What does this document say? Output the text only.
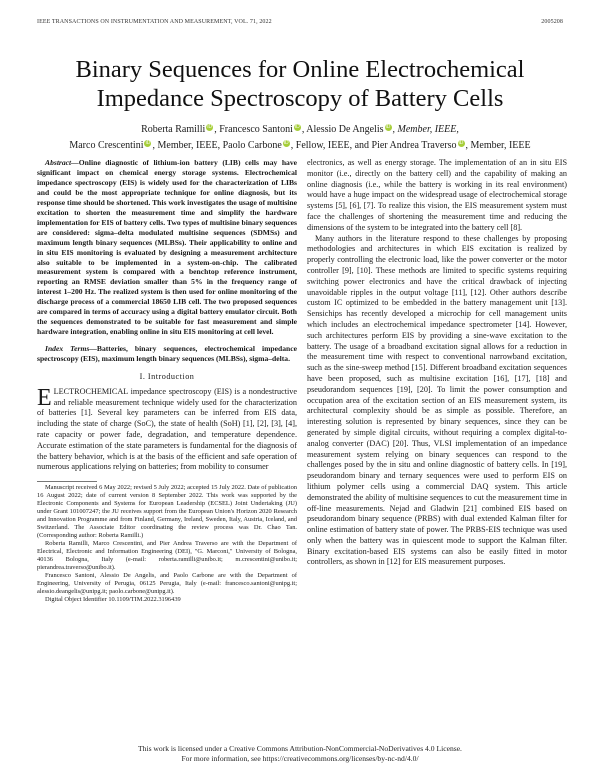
IEEE TRANSACTIONS ON INSTRUMENTATION AND MEASUREMENT, VOL. 71, 2022	2005208
Binary Sequences for Online Electrochemical Impedance Spectroscopy of Battery Cells
Roberta Ramilli iD , Francesco Santoni iD , Alessio De Angelis iD , Member, IEEE,
Marco Crescentini iD , Member, IEEE, Paolo Carbone iD , Fellow, IEEE, and Pier Andrea Traverso iD , Member, IEEE

Abstract—Online diagnostic of lithium-ion battery (LIB) cells may have significant impact on chemical energy storage systems. Electrochemical impedance spectroscopy (EIS) is widely used for the characterization of LIBs and could be the most appropriate technique for online diagnosis, but its response time should be shortened. This work investigates the usage of multisine excitation to shorten the measurement time and simplify the hardware implementation for EIS of battery cells. Two types of multisine binary sequences are considered: sigma–delta modulated multisine sequences (SDMSs) and maximum length binary sequences (MLBSs). Their applicability to online and in situ EIS monitoring is evaluated by designing a measurement architecture also suitable to be implemented in a system-on-chip. The calibrated measurement system is compared with a benchtop reference instrument, reporting an RMSE deviation smaller than 5% in the frequency range of interest 1–200 Hz. The realized system is then used for online monitoring of the discharge process of a commercial 18650 LIB cell. The two proposed sequences are compared in terms of accuracy using a digital battery emulator circuit. Both the sequences demonstrated to be suitable for fast measurement and simple hardware integration, enabling online in situ EIS monitoring at cell level.

Index Terms—Batteries, binary sequences, electrochemical impedance spectroscopy (EIS), maximum length binary sequences (MLBSs), sigma–delta.

I. Introduction

ELECTROCHEMICAL impedance spectroscopy (EIS) is a nondestructive and reliable measurement technique widely used for the characterization of batteries [1]. Several key parameters can be inferred from EIS data, including the state of charge (SoC), the state of health (SoH) [1], [2], [3], [4], rate capacity or power fade, degradation, and temperature dependence. Accurate estimation of the state parameters is fundamental for the diagnosis of the battery behavior, which is at the basis of the efficient and safe operation of numerous applications relying on batteries; from mobility to consumer

Manuscript received 6 May 2022; revised 5 July 2022; accepted 15 July 2022. Date of publication 16 August 2022; date of current version 8 September 2022. This work was supported by the Electronic Components and Systems for European Leadership (ECSEL) Joint Undertaking (JU) under Grant 101007247; the JU receives support from the European Union's Horizon 2020 Research and Innovation Programme and from Finland, Germany, Ireland, Sweden, Italy, Austria, Iceland, and Switzerland. The Associate Editor coordinating the review process was Dr. Chao Tan. (Corresponding author: Roberta Ramilli.)

Roberta Ramilli, Marco Crescentini, and Pier Andrea Traverso are with the Department of Electrical, Electronic and Information Engineering (DEI), "G. Marconi," University of Bologna, 40136 Bologna, Italy (e-mail: roberta.ramilli@unibo.it; m.crescentini@unibo.it; pierandrea.traverso@unibo.it).

Francesco Santoni, Alessio De Angelis, and Paolo Carbone are with the Department of Engineering, University of Perugia, 06125 Perugia, Italy (e-mail: francesco.santoni@unipg.it; alessio.deangelis@unipg.it; paolo.carbone@unipg.it).

Digital Object Identifier 10.1109/TIM.2022.3196439

electronics, as well as energy storage. The implementation of an in situ EIS monitor (i.e., directly on the battery cell) and the capability of making an online diagnosis (i.e., while the battery is working in its real environment) would have a huge impact on the widespread usage of electrochemical storage systems [5], [6], [7]. To realize this vision, the EIS measurement system must face the challenges of shortening the measurement time and reducing the dimensions of the system to be integrated into the battery cell [8].

Many authors in the literature respond to these challenges by proposing methodologies and architectures in which EIS excitation is realized by properly controlling the electronic load, like the power converter or the motor controller [9], [10]. These methods are limited to specific systems requiring switching power electronics and have the critical drawback of injecting unavoidable ripples in the output voltage [11], [12]. Other authors describe custom IC optimized to be embedded in the battery management unit [13]. Sensichips has recently developed a microchip for cell management units which includes an electrochemical impedance spectrometer [14]. However, such architectures perform EIS by providing a sine-wave excitation to the battery. The usage of a broadband excitation signal allows for a reduction in the measurement time with respect to conventional narrowband excitation, such as the sine-sweep method [15]. Different broadband excitation sequences have been proposed, such as multisine excitation [16], [17], [18] and pseudorandom sequences [19], [20]. To limit the power consumption and occupation area of the excitation section of an EIS measurement system, its architectural complexity should be as simple as possible. Therefore, an interesting solution is represented by binary sequences, since they can be generated by simple digital circuits, without requiring a complex digital-to-analog converter (DAC) [20]. Thus, VLSI implementation of an impedance measurement system relying on binary sequences can respond to the challenges posed by the in situ and online diagnostic of battery cells. In [19], pseudorandom binary and ternary sequences were used to perform EIS on lithium polymer cells using a commercial DAQ system. This article demonstrated the ability of multisine sequences to cut the measurement time in off-line measurements. Nejad and Gladwin [21] combined EIS based on pseudorandom binary sequence (PRBS) with dual extended Kalman filter for online estimation of battery state of power. The PRBS-EIS technique was used only when the battery was in quiescent mode to support the Kalman filter. Binary excitation-based EIS systems can also be easily fitted in motor controllers, as shown in [12] for EIS measurement purposes.

This work is licensed under a Creative Commons Attribution-NonCommercial-NoDerivatives 4.0 License.
For more information, see https://creativecommons.org/licenses/by-nc-nd/4.0/
